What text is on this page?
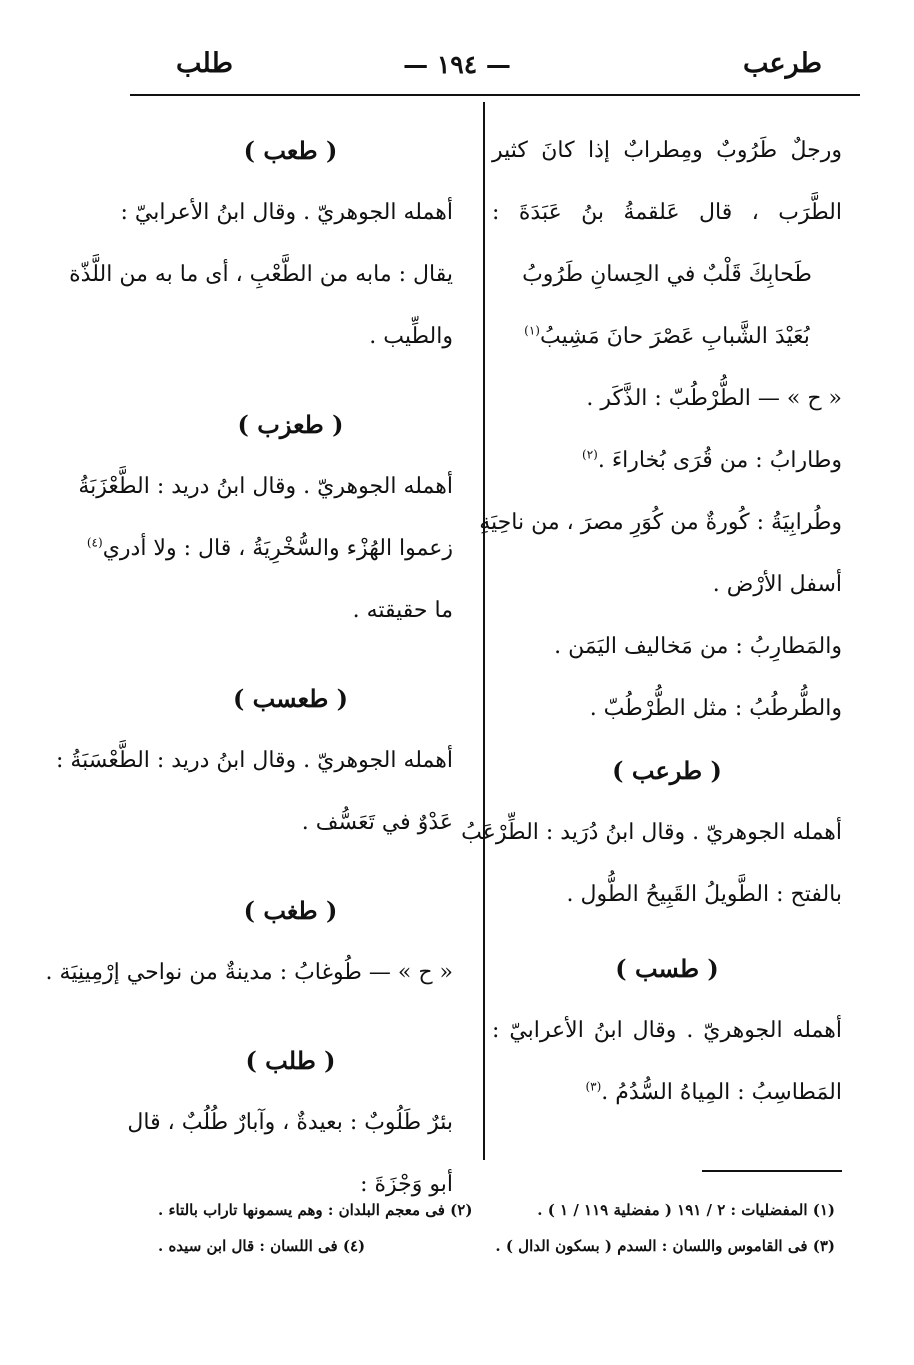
طرعب
— ١٩٤ —
طلب
ورجلٌ طَرُوبٌ ومِطرابٌ إذا كانَ كثير
الطَّرَب ، قال عَلقمةُ بنُ عَبَدَةَ :
طَحابِكَ قَلْبٌ في الحِسانِ طَرُوبُ
بُعَيْدَ الشَّبابِ عَصْرَ حانَ مَشِيبُ$^{(١)}$
« ح » — الطُّرْطُبّ : الذَّكَر .
وطارابُ : من قُرَى بُخاراءَ .$^{(٢)}$
وطُرابِيَةُ : كُورةٌ من كُوَرِ مصرَ ، من ناحِيَةِ
أسفل الأرْض .
والمَطارِبُ : من مَخاليف اليَمَن .
والطُّرطُبُ : مثل الطُّرْطُبّ .
( طرعب )
أهمله الجوهريّ . وقال ابنُ دُرَيد : الطِّرْعَبُ
بالفتح : الطَّويلُ القَبِيحُ الطُّول .
( طسب )
أهمله الجوهريّ . وقال ابنُ الأعرابيّ :
المَطاسِبُ : المِياهُ السُّدُمُ .$^{(٣)}$
( طعب )
أهمله الجوهريّ . وقال ابنُ الأعرابيّ :
يقال : مابه من الطَّعْبِ ، أى ما به من اللَّذّة
والطِّيب .
( طعزب )
أهمله الجوهريّ . وقال ابنُ دريد : الطَّعْزَبَةُ
زعموا الهُزْء والسُّخْرِيَةُ ، قال : ولا أدري$^{(٤)}$
ما حقيقته .
( طعسب )
أهمله الجوهريّ . وقال ابنُ دريد : الطَّعْسَبَةُ :
عَدْوٌ في تَعَسُّف .
( طغب )
« ح » — طُوغابُ : مدينةٌ من نواحي إرْمِينِيَة .
( طلب )
بئرٌ طَلُوبٌ : بعيدةٌ ، وآبارٌ طُلُبٌ ، قال
أبو وَجْزَةَ :
(١) المفضليات : ٢ / ١٩١ ( مفضلية ١١٩ / ١ ) .
(٢) فى معجم البلدان : وهم يسمونها تاراب بالتاء .
(٣) فى القاموس واللسان : السدم ( بسكون الدال ) .
(٤) فى اللسان : قال ابن سيده .
